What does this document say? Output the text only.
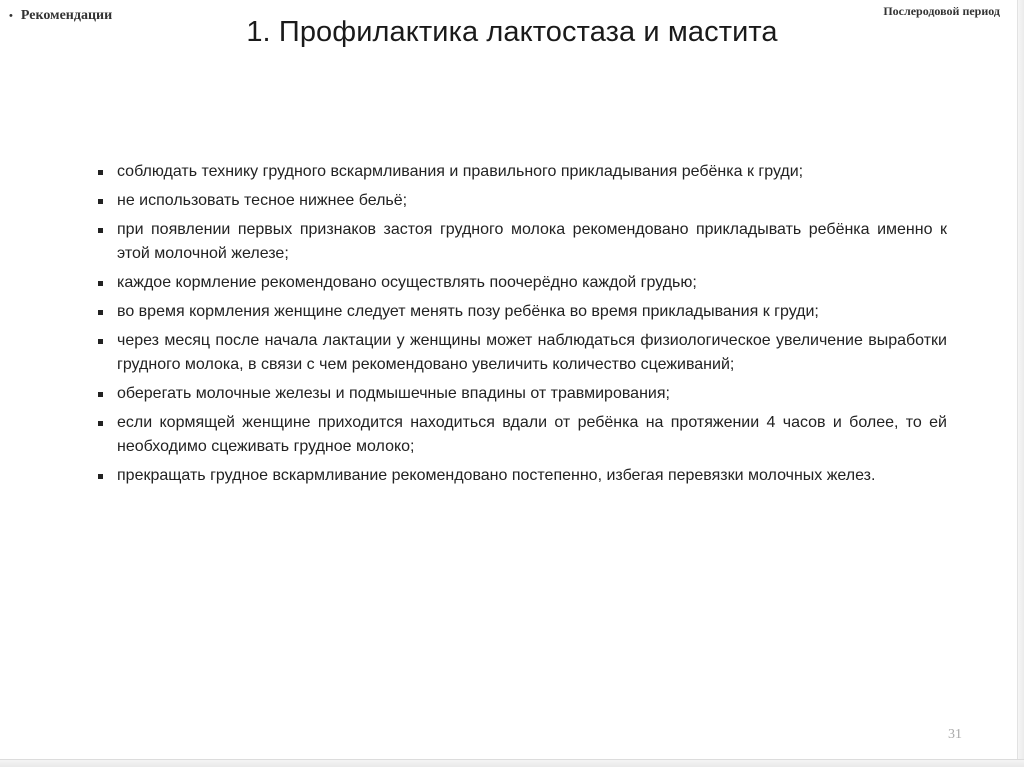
• Рекомендации	Послеродовой период
1. Профилактика лактостаза и мастита
соблюдать технику грудного вскармливания и правильного прикладывания ребёнка к груди;
не использовать тесное нижнее бельё;
при появлении первых признаков застоя грудного молока рекомендовано прикладывать ребёнка именно к этой молочной железе;
каждое кормление рекомендовано осуществлять поочерёдно каждой грудью;
во время кормления женщине следует менять позу ребёнка во время прикладывания к груди;
через месяц после начала лактации у женщины может наблюдаться физиологическое увеличение выработки грудного молока, в связи с чем рекомендовано увеличить количество сцеживаний;
оберегать молочные железы и подмышечные впадины от травмирования;
если кормящей женщине приходится находиться вдали от ребёнка на протяжении 4 часов и более, то ей необходимо сцеживать грудное молоко;
прекращать грудное вскармливание рекомендовано постепенно, избегая перевязки молочных желез.
31
